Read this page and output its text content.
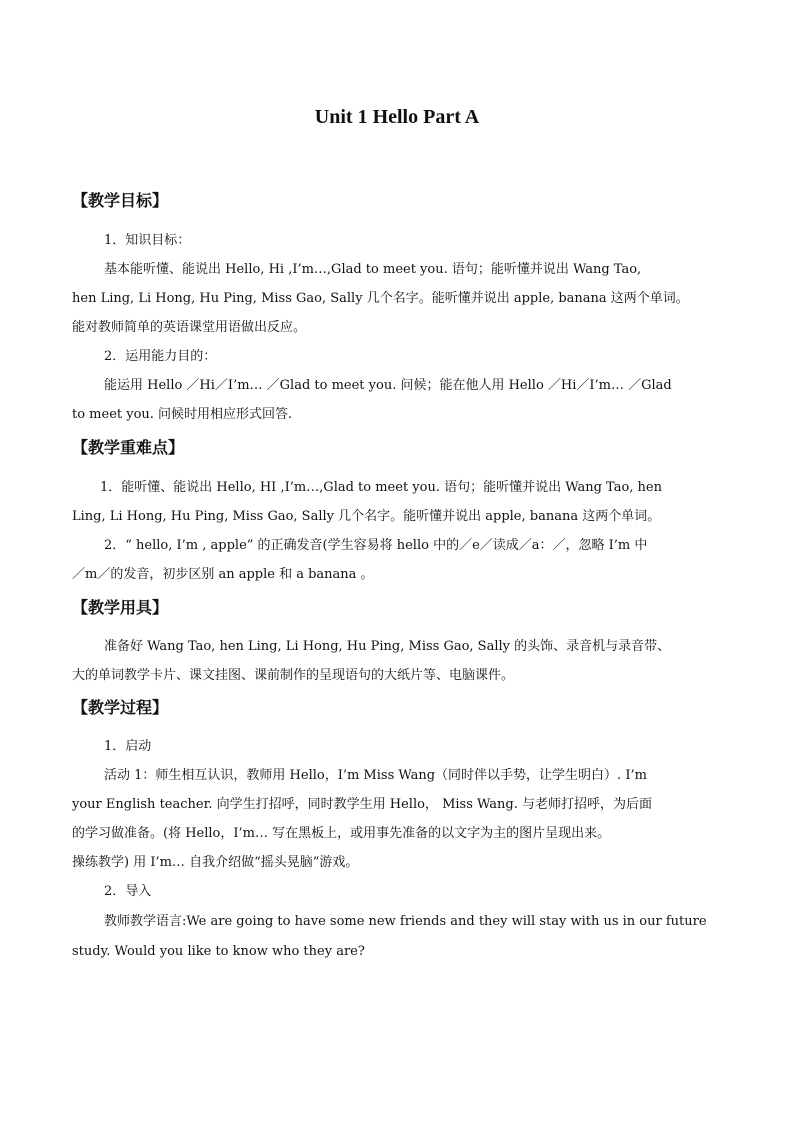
Unit 1 Hello Part A
【教学目标】
1．知识目标：
基本能听懂、能说出 Hello, Hi ,I’m…,Glad to meet you. 语句；能听懂并说出 Wang Tao,
hen Ling, Li Hong, Hu Ping, Miss Gao, Sally 几个名字。能听懂并说出 apple, banana 这两个单词。
能对教师简单的英语课堂用语做出反应。
2．运用能力目的：
能运用 Hello ／Hi／I’m… ／Glad to meet you. 问候；能在他人用 Hello ／Hi／I’m… ／Glad
to meet you. 问候时用相应形式回答.
【教学重难点】
1．能听懂、能说出 Hello, HI ,I’m…,Glad to meet you. 语句；能听懂并说出 Wang Tao, hen
Ling, Li Hong, Hu Ping, Miss Gao, Sally 几个名字。能听懂并说出 apple, banana 这两个单词。
2．“ hello, I’m , apple” 的正确发音(学生容易将 hello 中的／e／读成／a：／，忽略 I’m 中
／m／的发音，初步区别 an apple 和 a banana 。
【教学用具】
准备好 Wang Tao, hen Ling, Li Hong, Hu Ping, Miss Gao, Sally 的头饰、录音机与录音带、
大的单词教学卡片、课文挂图、课前制作的呈现语句的大纸片等、电脑课件。
【教学过程】
1．启动
活动 1：师生相互认识，教师用 Hello，I’m Miss Wang（同时伴以手势，让学生明白）. I’m
your English teacher. 向学生打招呼，同时教学生用 Hello， Miss Wang. 与老师打招呼，为后面
的学习做准备。(将 Hello，I’m… 写在黑板上，或用事先准备的以文字为主的图片呈现出来。
操练教学) 用 I’m… 自我介绍做“摇头晃脑”游戏。
2．导入
教师教学语言:We are going to have some new friends and they will stay with us in our future
study. Would you like to know who they are?
